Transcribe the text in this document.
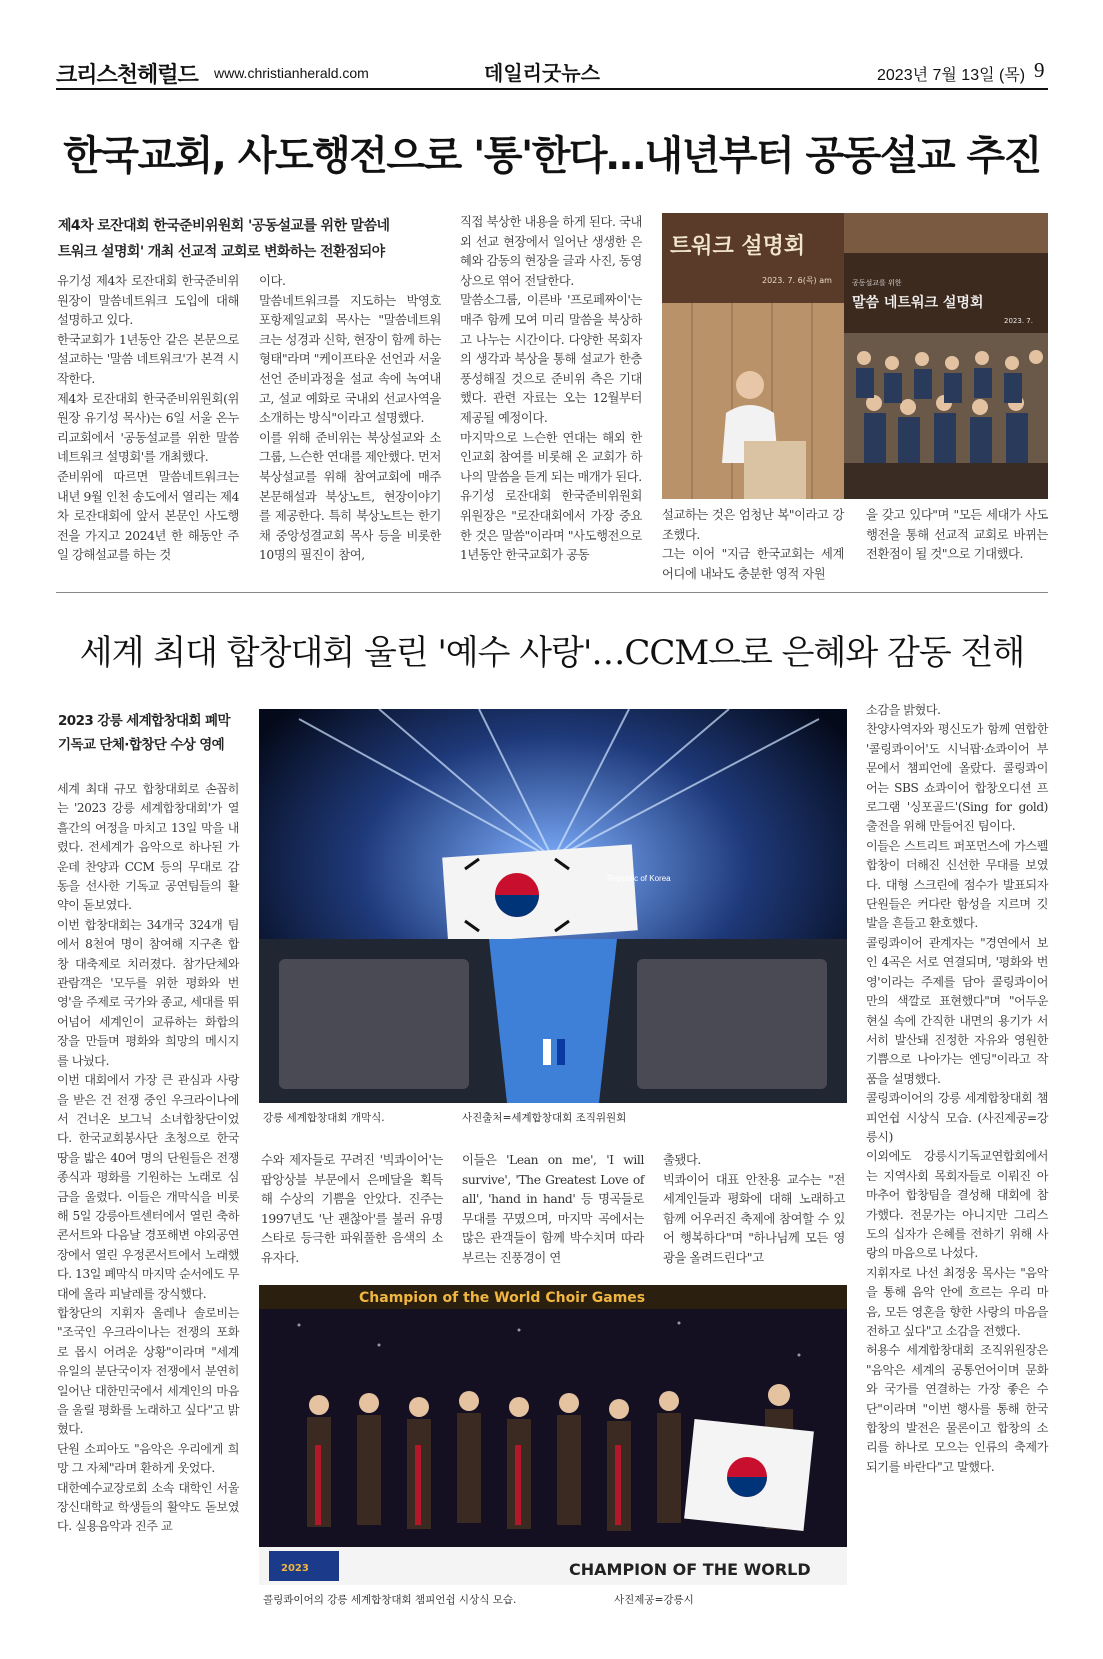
크리스천헤럴드 www.christianherald.com	데일리굿뉴스	2023년 7월 13일 (목) 9
한국교회, 사도행전으로 '통'한다…내년부터 공동설교 추진
제4차 로잔대회 한국준비위원회 '공동설교를 위한 말씀네
트워크 설명회' 개최 선교적 교회로 변화하는 전환점되야

유기성 제4차 로잔대회 한국준비위원장이 말씀네트워크 도입에 대해 설명하고 있다.

한국교회가 1년동안 같은 본문으로 설교하는 '말씀 네트워크'가 본격 시작한다.

제4차 로잔대회 한국준비위원회(위원장 유기성 목사)는 6일 서울 온누리교회에서 '공동설교를 위한 말씀네트워크 설명회'를 개최했다.

준비위에 따르면 말씀네트워크는 내년 9월 인천 송도에서 열리는 제4차 로잔대회에 앞서 본문인 사도행전을 가지고 2024년 한 해동안 주일 강해설교를 하는 것

이다.

말씀네트워크를 지도하는 박영호 포항제일교회 목사는 "말씀네트워크는 성경과 신학, 현장이 함께 하는 형태"라며 "케이프타운 선언과 서울 선언 준비과정을 설교 속에 녹여내고, 설교 예화로 국내외 선교사역을 소개하는 방식"이라고 설명했다.

이를 위해 준비위는 북상설교와 소그룹, 느슨한 연대를 제안했다. 먼저 북상설교를 위해 참여교회에 매주 본문해설과 북상노트, 현장이야기를 제공한다. 특히 북상노트는 한기채 중앙성결교회 목사 등을 비롯한 10명의 필진이 참여,

직접 북상한 내용을 하게 된다. 국내외 선교 현장에서 일어난 생생한 은혜와 감동의 현장을 글과 사진, 동영상으로 엮어 전달한다.

말씀소그룹, 이른바 '프로페짜이'는 매주 함께 모여 미리 말씀을 북상하고 나누는 시간이다. 다양한 목회자의 생각과 북상을 통해 설교가 한층 풍성해질 것으로 준비위 측은 기대했다. 관련 자료는 오는 12월부터 제공될 예정이다.

마지막으로 느슨한 연대는 해외 한인교회 참여를 비롯해 온 교회가 하나의 말씀을 듣게 되는 매개가 된다.

유기성 로잔대회 한국준비위원회 위원장은 "로잔대회에서 가장 중요한 것은 말씀"이라며 "사도행전으로 1년동안 한국교회가 공동

트워크 설명회
2023. 7. 6(목) am	공동설교를 위한
말씀 네트워크 설명회
2023. 7.

설교하는 것은 엄청난 복"이라고 강조했다.

그는 이어 "지금 한국교회는 세계 어디에 내놔도 충분한 영적 자원

을 갖고 있다"며 "모든 세대가 사도행전을 통해 선교적 교회로 바뀌는 전환점이 될 것"으로 기대했다.

세계 최대 합창대회 울린 '예수 사랑'…CCM으로 은혜와 감동 전해
2023 강릉 세계합창대회 폐막
기독교 단체·합창단 수상 영예

세계 최대 규모 합창대회로 손꼽히는 '2023 강릉 세계합창대회'가 열흘간의 여정을 마치고 13일 막을 내렸다. 전세계가 음악으로 하나된 가운데 찬양과 CCM 등의 무대로 감동을 선사한 기독교 공연팀들의 활약이 돋보였다.

이번 합창대회는 34개국 324개 팀에서 8천여 명이 참여해 지구촌 합창 대축제로 치러졌다. 참가단체와 관람객은 '모두를 위한 평화와 번영'을 주제로 국가와 종교, 세대를 뛰어넘어 세계인이 교류하는 화합의 장을 만들며 평화와 희망의 메시지를 나눴다.

이번 대회에서 가장 큰 관심과 사랑을 받은 건 전쟁 중인 우크라이나에서 건너온 보그닉 소녀합창단이었다. 한국교회봉사단 초청으로 한국 땅을 밟은 40여 명의 단원들은 전쟁 종식과 평화를 기원하는 노래로 심금을 울렸다. 이들은 개막식을 비롯해 5일 강릉아트센터에서 열린 축하콘서트와 다음날 경포해변 야외공연장에서 열린 우정콘서트에서 노래했다. 13일 폐막식 마지막 순서에도 무대에 올라 피날레를 장식했다.

합창단의 지휘자 올레나 솔로비는 "조국인 우크라이나는 전쟁의 포화로 몹시 어려운 상황"이라며 "세계 유일의 분단국이자 전쟁에서 분연히 일어난 대한민국에서 세계인의 마음을 울릴 평화를 노래하고 싶다"고 밝혔다.

단원 소피아도 "음악은 우리에게 희망 그 자체"라며 환하게 웃었다.

대한예수교장로회 소속 대학인 서울장신대학교 학생들의 활약도 돋보였다. 실용음악과 진주 교

Republic of Korea
강릉 세계합창대회 개막식.	사진출처=세계합창대회 조직위원회

수와 제자들로 꾸려진 '빅콰이어'는 팝앙상블 부문에서 은메달을 획득해 수상의 기쁨을 안았다. 진주는 1997년도 '난 괜찮아'를 불러 유명스타로 등극한 파워풀한 음색의 소유자다.

이들은 'Lean on me', 'I will survive', 'The Greatest Love of all', 'hand in hand' 등 명곡들로 무대를 꾸몄으며, 마지막 곡에서는 많은 관객들이 함께 박수치며 따라부르는 진풍경이 연

출됐다.

빅콰이어 대표 안찬용 교수는 "전 세계인들과 평화에 대해 노래하고 함께 어우러진 축제에 참여할 수 있어 행복하다"며 "하나님께 모든 영광을 올려드린다"고

Champion of the World Choir Games
2023	CHAMPION OF THE WORLD
콜링콰이어의 강릉 세계합창대회 챔피언쉽 시상식 모습.	사진제공=강릉시

소감을 밝혔다.

찬양사역자와 평신도가 함께 연합한 '콜링콰이어'도 시닉팝·쇼콰이어 부문에서 챔피언에 올랐다. 콜링콰이어는 SBS 쇼콰이어 합창오디션 프로그램 '싱포골드'(Sing for gold) 출전을 위해 만들어진 팀이다.

이들은 스트리트 퍼포먼스에 가스펠 합창이 더해진 신선한 무대를 보였다. 대형 스크린에 점수가 발표되자 단원들은 커다란 함성을 지르며 깃발을 흔들고 환호했다.

콜링콰이어 관계자는 "경연에서 보인 4곡은 서로 연결되며, '평화와 번영'이라는 주제를 담아 콜링콰이어 만의 색깔로 표현했다"며 "어두운 현실 속에 간직한 내면의 용기가 서서히 발산돼 진정한 자유와 영원한 기쁨으로 나아가는 엔딩"이라고 작품을 설명했다.

콜링콰이어의 강릉 세계합창대회 챔피언쉽 시상식 모습. (사진제공=강릉시)

이외에도 강릉시기독교연합회에서는 지역사회 목회자들로 이뤄진 아마추어 합창팀을 결성해 대회에 참가했다. 전문가는 아니지만 그리스도의 십자가 은혜를 전하기 위해 사랑의 마음으로 나섰다.

지휘자로 나선 최정웅 목사는 "음악을 통해 음악 안에 흐르는 우리 마음, 모든 영혼을 향한 사랑의 마음을 전하고 싶다"고 소감을 전했다.

허용수 세계합창대회 조직위원장은 "음악은 세계의 공통언어이며 문화와 국가를 연결하는 가장 좋은 수단"이라며 "이번 행사를 통해 한국 합창의 발전은 물론이고 합창의 소리를 하나로 모으는 인류의 축제가 되기를 바란다"고 말했다.
